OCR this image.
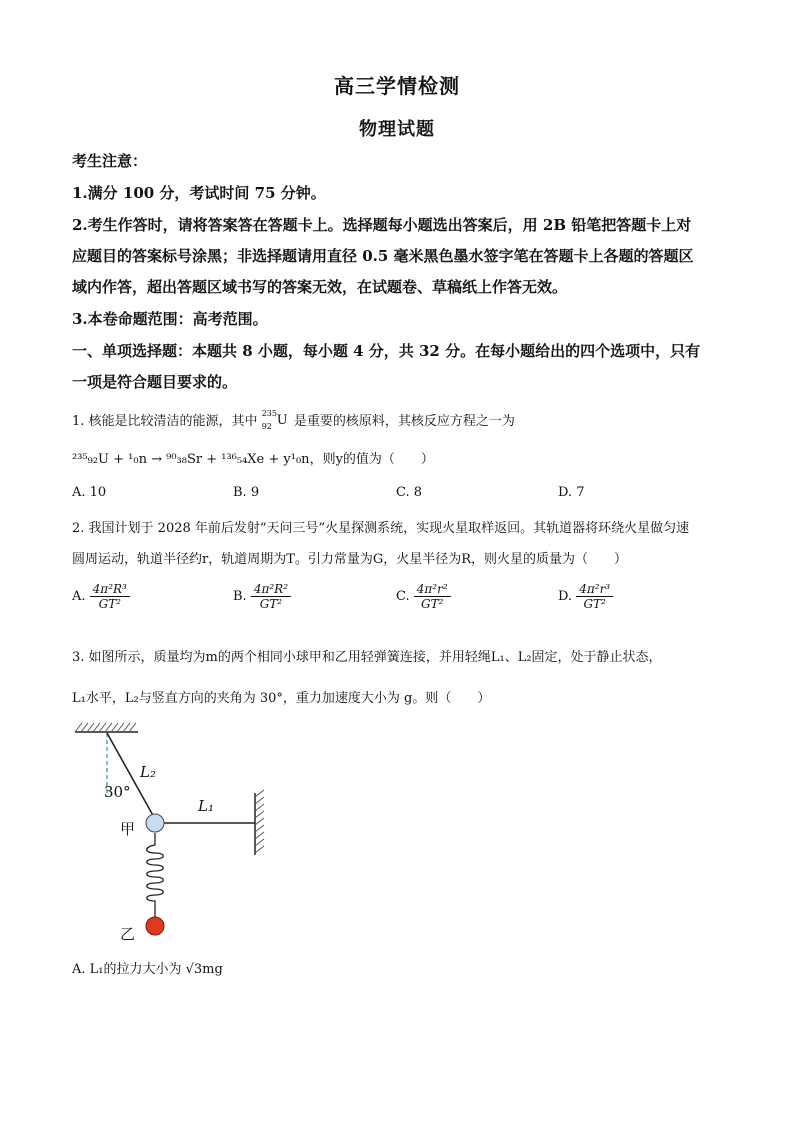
高三学情检测
物理试题
考生注意：
1.满分 100 分，考试时间 75 分钟。
2.考生作答时，请将答案答在答题卡上。选择题每小题选出答案后，用 2B 铅笔把答题卡上对
应题目的答案标号涂黑；非选择题请用直径 0.5 毫米黑色墨水签字笔在答题卡上各题的答题区
域内作答，超出答题区域书写的答案无效，在试题卷、草稿纸上作答无效。
3.本卷命题范围：高考范围。
一、单项选择题：本题共 8 小题，每小题 4 分，共 32 分。在每小题给出的四个选项中，只有
一项是符合题目要求的。
1. 核能是比较清洁的能源，其中
235
92 U 是重要的核原料，其核反应方程之一为
²³⁵₉₂U + ¹₀n → ⁹⁰₃₈Sr + ¹³⁶₅₄Xe + y¹₀n，则y的值为（　　）
A. 10	B. 9	C. 8	D. 7
2. 我国计划于 2028 年前后发射“天问三号”火星探测系统，实现火星取样返回。其轨道器将环绕火星做匀速
圆周运动，轨道半径约r，轨道周期为T。引力常量为G，火星半径为R，则火星的质量为（　　）
A. $\frac{\text{4π²R³}}{\text{GT²}}$	B. $\frac{\text{4π²R²}}{\text{GT²}}$	C. $\frac{\text{4π²r²}}{\text{GT²}}$	D. $\frac{\text{4π²r³}}{\text{GT²}}$
3. 如图所示，质量均为m的两个相同小球甲和乙用轻弹簧连接，并用轻绳L₁、L₂固定，处于静止状态，
L₁水平，L₂与竖直方向的夹角为 30°，重力加速度大小为 g。则（　　）
30°
L₂
L₁
甲
乙
A. L₁的拉力大小为 √3mg
